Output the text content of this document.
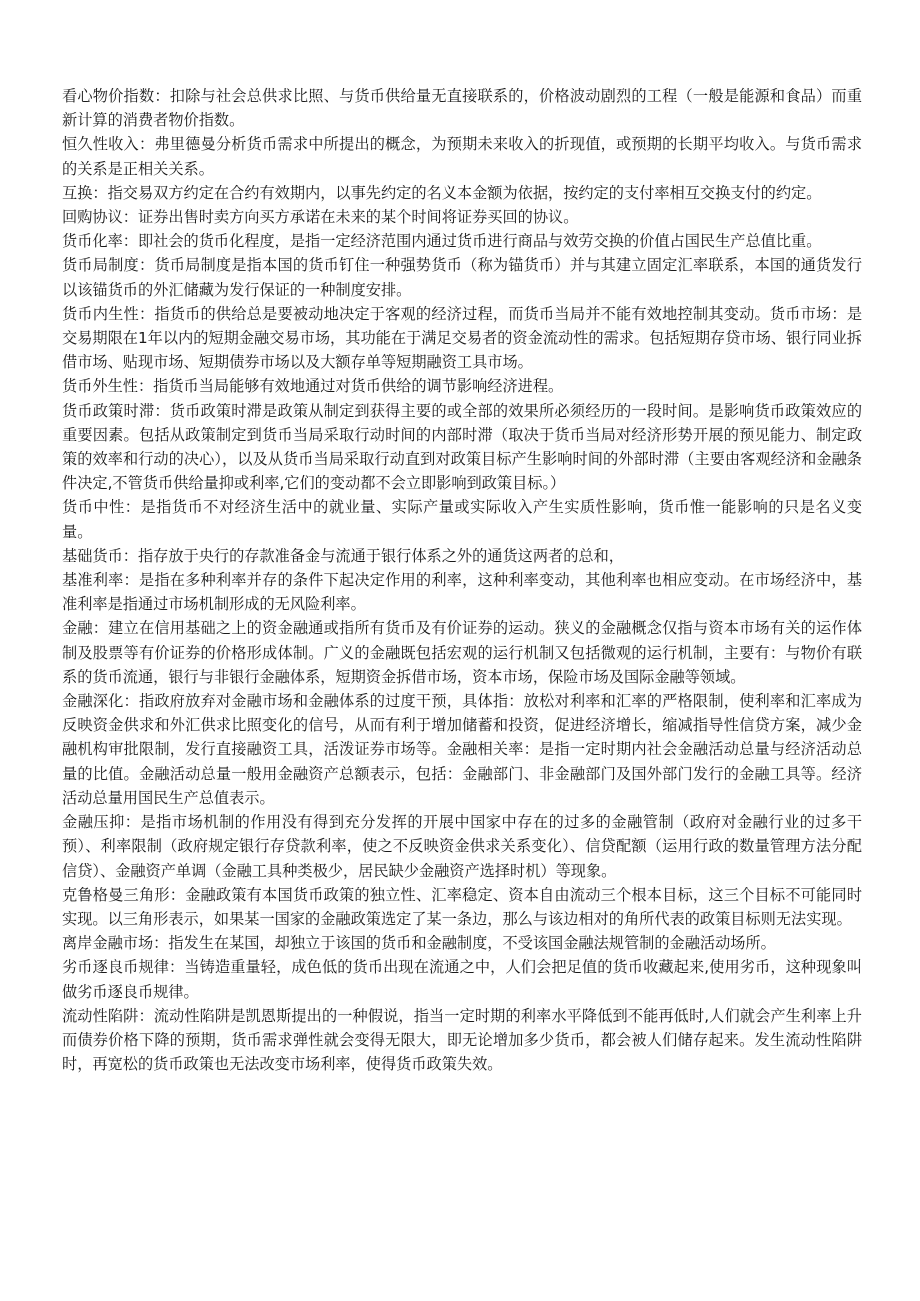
看心物价指数：扣除与社会总供求比照、与货币供给量无直接联系的，价格波动剧烈的工程（一般是能源和食品）而重新计算的消费者物价指数。

恒久性收入：弗里德曼分析货币需求中所提出的概念，为预期未来收入的折现值，或预期的长期平均收入。与货币需求的关系是正相关关系。

互换：指交易双方约定在合约有效期内，以事先约定的名义本金额为依据，按约定的支付率相互交换支付的约定。

回购协议：证券出售时卖方向买方承诺在未来的某个时间将证券买回的协议。

货币化率：即社会的货币化程度，是指一定经济范围内通过货币进行商品与效劳交换的价值占国民生产总值比重。

货币局制度：货币局制度是指本国的货币钉住一种强势货币（称为锚货币）并与其建立固定汇率联系，本国的通货发行以该锚货币的外汇储藏为发行保证的一种制度安排。

货币内生性：指货币的供给总是要被动地决定于客观的经济过程，而货币当局并不能有效地控制其变动。货币市场：是交易期限在1年以内的短期金融交易市场，其功能在于满足交易者的资金流动性的需求。包括短期存贷市场、银行同业拆借市场、贴现市场、短期债券市场以及大额存单等短期融资工具市场。

货币外生性：指货币当局能够有效地通过对货币供给的调节影响经济进程。

货币政策时滞：货币政策时滞是政策从制定到获得主要的或全部的效果所必须经历的一段时间。是影响货币政策效应的重要因素。包括从政策制定到货币当局采取行动时间的内部时滞（取决于货币当局对经济形势开展的预见能力、制定政策的效率和行动的决心），以及从货币当局采取行动直到对政策目标产生影响时间的外部时滞（主要由客观经济和金融条件决定,不管货币供给量抑或利率,它们的变动都不会立即影响到政策目标。）

货币中性：是指货币不对经济生活中的就业量、实际产量或实际收入产生实质性影响，货币惟一能影响的只是名义变量。

基础货币：指存放于央行的存款准备金与流通于银行体系之外的通货这两者的总和，

基准利率：是指在多种利率并存的条件下起决定作用的利率，这种利率变动，其他利率也相应变动。在市场经济中，基准利率是指通过市场机制形成的无风险利率。

金融：建立在信用基础之上的资金融通或指所有货币及有价证券的运动。狭义的金融概念仅指与资本市场有关的运作体制及股票等有价证券的价格形成体制。广义的金融既包括宏观的运行机制又包括微观的运行机制，主要有：与物价有联系的货币流通，银行与非银行金融体系，短期资金拆借市场，资本市场，保险市场及国际金融等领域。

金融深化：指政府放弃对金融市场和金融体系的过度干预，具体指：放松对利率和汇率的严格限制，使利率和汇率成为反映资金供求和外汇供求比照变化的信号，从而有利于增加储蓄和投资，促进经济增长，缩减指导性信贷方案，减少金融机构审批限制，发行直接融资工具，活泼证券市场等。金融相关率：是指一定时期内社会金融活动总量与经济活动总量的比值。金融活动总量一般用金融资产总额表示，包括：金融部门、非金融部门及国外部门发行的金融工具等。经济活动总量用国民生产总值表示。

金融压抑：是指市场机制的作用没有得到充分发挥的开展中国家中存在的过多的金融管制（政府对金融行业的过多干预）、利率限制（政府规定银行存贷款利率，使之不反映资金供求关系变化）、信贷配额（运用行政的数量管理方法分配信贷）、金融资产单调（金融工具种类极少，居民缺少金融资产选择时机）等现象。

克鲁格曼三角形：金融政策有本国货币政策的独立性、汇率稳定、资本自由流动三个根本目标，这三个目标不可能同时实现。以三角形表示，如果某一国家的金融政策选定了某一条边，那么与该边相对的角所代表的政策目标则无法实现。

离岸金融市场：指发生在某国，却独立于该国的货币和金融制度，不受该国金融法规管制的金融活动场所。

劣币逐良币规律：当铸造重量轻，成色低的货币出现在流通之中，人们会把足值的货币收藏起来,使用劣币，这种现象叫做劣币逐良币规律。

流动性陷阱：流动性陷阱是凯恩斯提出的一种假说，指当一定时期的利率水平降低到不能再低时,人们就会产生利率上升而债券价格下降的预期，货币需求弹性就会变得无限大，即无论增加多少货币，都会被人们储存起来。发生流动性陷阱时，再宽松的货币政策也无法改变市场利率，使得货币政策失效。
